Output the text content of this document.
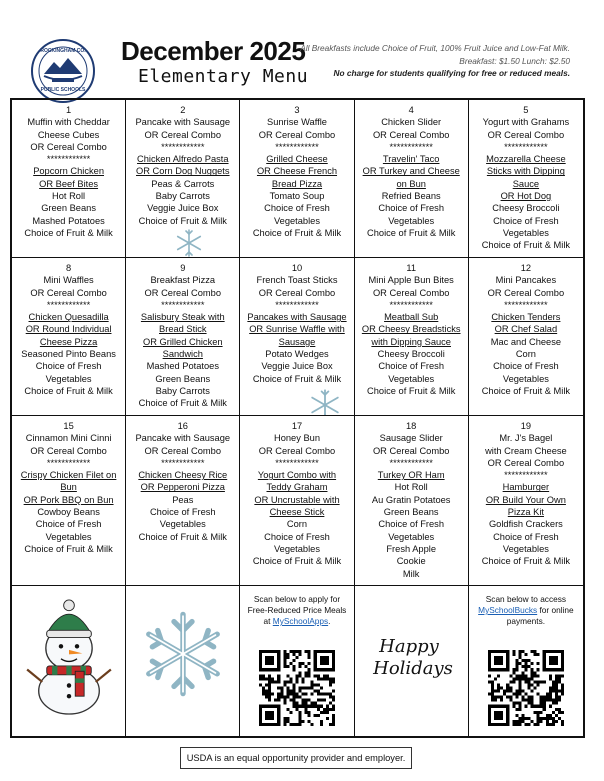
ROCKINGHAM CO.
PUBLIC SCHOOLS
December 2025
Elementary Menu
All Breakfasts include Choice of Fruit, 100% Fruit Juice and Low-Fat Milk.
Breakfast: $1.50 Lunch: $2.50
No charge for students qualifying for free or reduced meals.
1
Muffin with Cheddar
Cheese Cubes
OR Cereal Combo
************
Popcorn Chicken
OR Beef Bites
Hot Roll
Green Beans
Mashed Potatoes
Choice of Fruit & Milk
2
Pancake with Sausage
OR Cereal Combo
************
Chicken Alfredo Pasta
OR Corn Dog Nuggets
Peas & Carrots
Baby Carrots
Veggie Juice Box
Choice of Fruit & Milk
3
Sunrise Waffle
OR Cereal Combo
************
Grilled Cheese
OR Cheese French
Bread Pizza
Tomato Soup
Choice of Fresh
Vegetables
Choice of Fruit & Milk
4
Chicken Slider
OR Cereal Combo
************
Travelin' Taco
OR Turkey and Cheese
on Bun
Refried Beans
Choice of Fresh
Vegetables
Choice of Fruit & Milk
5
Yogurt with Grahams
OR Cereal Combo
************
Mozzarella Cheese
Sticks with Dipping
Sauce
OR Hot Dog
Cheesy Broccoli
Choice of Fresh
Vegetables
Choice of Fruit & Milk
8
Mini Waffles
OR Cereal Combo
************
Chicken Quesadilla
OR Round Individual
Cheese Pizza
Seasoned Pinto Beans
Choice of Fresh
Vegetables
Choice of Fruit & Milk
9
Breakfast Pizza
OR Cereal Combo
************
Salisbury Steak with
Bread Stick
OR Grilled Chicken
Sandwich
Mashed Potatoes
Green Beans
Baby Carrots
Choice of Fruit & Milk
10
French Toast Sticks
OR Cereal Combo
************
Pancakes with Sausage
OR Sunrise Waffle with
Sausage
Potato Wedges
Veggie Juice Box
Choice of Fruit & Milk
11
Mini Apple Bun Bites
OR Cereal Combo
************
Meatball Sub
OR Cheesy Breadsticks
with Dipping Sauce
Cheesy Broccoli
Choice of Fresh
Vegetables
Choice of Fruit & Milk
12
Mini Pancakes
OR Cereal Combo
************
Chicken Tenders
OR Chef Salad
Mac and Cheese
Corn
Choice of Fresh
Vegetables
Choice of Fruit & Milk
15
Cinnamon Mini Cinni
OR Cereal Combo
************
Crispy Chicken Filet on
Bun
OR Pork BBQ on Bun
Cowboy Beans
Choice of Fresh
Vegetables
Choice of Fruit & Milk
16
Pancake with Sausage
OR Cereal Combo
************
Chicken Cheesy Rice
OR Pepperoni Pizza
Peas
Choice of Fresh
Vegetables
Choice of Fruit & Milk
17
Honey Bun
OR Cereal Combo
************
Yogurt Combo with
Teddy Graham
OR Uncrustable with
Cheese Stick
Corn
Choice of Fresh
Vegetables
Choice of Fruit & Milk
18
Sausage Slider
OR Cereal Combo
************
Turkey OR Ham
Hot Roll
Au Gratin Potatoes
Green Beans
Choice of Fresh
Vegetables
Fresh Apple
Cookie
Milk
19
Mr. J's Bagel
with Cream Cheese
OR Cereal Combo
************
Hamburger
OR Build Your Own
Pizza Kit
Goldfish Crackers
Choice of Fresh
Vegetables
Choice of Fruit & Milk
Scan below to apply for
Free-Reduced Price Meals
at MySchoolApps.
Happy
Holidays
Scan below to access
MySchoolBucks for online
payments.
USDA is an equal opportunity provider and employer.
